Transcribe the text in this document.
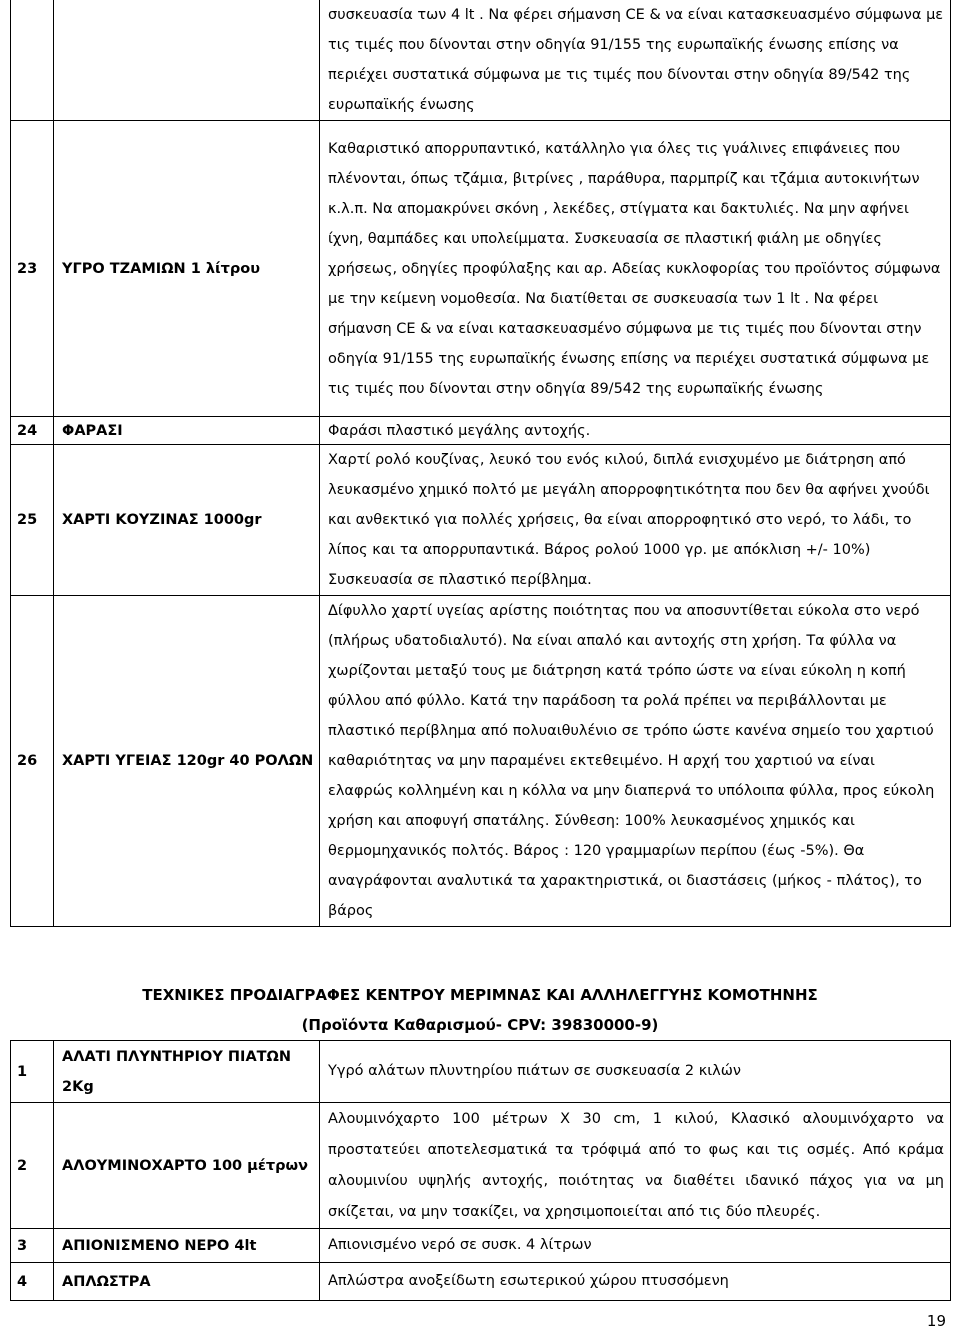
		συσκευασία των 4 lt . Να φέρει σήμανση CE & να είναι κατασκευασμένο σύμφωνα με τις τιμές που δίνονται στην οδηγία 91/155 της ευρωπαϊκής ένωσης επίσης να περιέχει συστατικά σύμφωνα με τις τιμές που δίνονται στην οδηγία 89/542 της ευρωπαϊκής ένωσης
23	ΥΓΡΟ ΤΖΑΜΙΩΝ 1 λίτρου	Καθαριστικό απορρυπαντικό, κατάλληλο για όλες τις γυάλινες επιφάνειες που πλένονται, όπως τζάμια, βιτρίνες , παράθυρα, παρμπρίζ και τζάμια αυτοκινήτων κ.λ.π. Να απομακρύνει σκόνη , λεκέδες, στίγματα και δακτυλιές. Να μην αφήνει ίχνη, θαμπάδες και υπολείμματα. Συσκευασία σε πλαστική φιάλη με οδηγίες χρήσεως, οδηγίες προφύλαξης και αρ. Αδείας κυκλοφορίας του προϊόντος σύμφωνα με την κείμενη νομοθεσία. Να διατίθεται σε συσκευασία των 1 lt . Να φέρει σήμανση CE & να είναι κατασκευασμένο σύμφωνα με τις τιμές που δίνονται στην οδηγία 91/155 της ευρωπαϊκής ένωσης επίσης να περιέχει συστατικά σύμφωνα με τις τιμές που δίνονται στην οδηγία 89/542 της ευρωπαϊκής ένωσης
24	ΦΑΡΑΣΙ	Φαράσι πλαστικό μεγάλης αντοχής.
25	ΧΑΡΤΙ ΚΟΥΖΙΝΑΣ 1000gr	Χαρτί ρολό κουζίνας, λευκό του ενός κιλού, διπλά ενισχυμένο με διάτρηση από λευκασμένο χημικό πολτό με μεγάλη απορροφητικότητα που δεν θα αφήνει χνούδι και ανθεκτικό για πολλές χρήσεις, θα είναι απορροφητικό στο νερό, το λάδι, το λίπος και τα απορρυπαντικά. Βάρος ρολού 1000 γρ. με απόκλιση +/- 10%) Συσκευασία σε πλαστικό περίβλημα.
26	ΧΑΡΤΙ ΥΓΕΙΑΣ 120gr 40 ΡΟΛΩΝ	Δίφυλλο χαρτί υγείας αρίστης ποιότητας που να αποσυντίθεται εύκολα στο νερό (πλήρως υδατοδιαλυτό). Να είναι απαλό και αντοχής στη χρήση. Τα φύλλα να χωρίζονται μεταξύ τους με διάτρηση κατά τρόπο ώστε να είναι εύκολη η κοπή φύλλου από φύλλο. Κατά την παράδοση τα ρολά πρέπει να περιβάλλονται με πλαστικό περίβλημα από πολυαιθυλένιο σε τρόπο ώστε κανένα σημείο του χαρτιού καθαριότητας να μην παραμένει εκτεθειμένο. Η αρχή του χαρτιού να είναι ελαφρώς κολλημένη και η κόλλα να μην διαπερνά το υπόλοιπα φύλλα, προς εύκολη χρήση και αποφυγή σπατάλης. Σύνθεση: 100% λευκασμένος χημικός και θερμομηχανικός πολτός. Βάρος : 120 γραμμαρίων περίπου (έως -5%). Θα αναγράφονται αναλυτικά τα χαρακτηριστικά, οι διαστάσεις (μήκος - πλάτος), το βάρος
ΤΕΧΝΙΚΕΣ ΠΡΟΔΙΑΓΡΑΦΕΣ ΚΕΝΤΡΟΥ ΜΕΡΙΜΝΑΣ ΚΑΙ ΑΛΛΗΛΕΓΓΥΗΣ ΚΟΜΟΤΗΝΗΣ
(Προϊόντα Καθαρισμού- CPV: 39830000-9)
1	ΑΛΑΤΙ ΠΛΥΝΤΗΡΙΟΥ ΠΙΑΤΩΝ 2Kg	Υγρό αλάτων πλυντηρίου πιάτων σε συσκευασία 2 κιλών
2	ΑΛΟΥΜΙΝΟΧΑΡΤΟ 100 μέτρων	Αλουμινόχαρτο 100 μέτρων Χ 30 cm, 1 κιλού, Κλασικό αλουμινόχαρτο να προστατεύει αποτελεσματικά τα τρόφιμά από το φως και τις οσμές. Από κράμα αλουμινίου υψηλής αντοχής, ποιότητας να διαθέτει ιδανικό πάχος για να μη σκίζεται, να μην τσακίζει, να χρησιμοποιείται από τις δύο πλευρές.
3	ΑΠΙΟΝΙΣΜΕΝΟ ΝΕΡΟ 4lt	Απιονισμένο νερό σε συσκ. 4 λίτρων
4	ΑΠΛΩΣΤΡΑ	Απλώστρα ανοξείδωτη εσωτερικού χώρου πτυσσόμενη
19
